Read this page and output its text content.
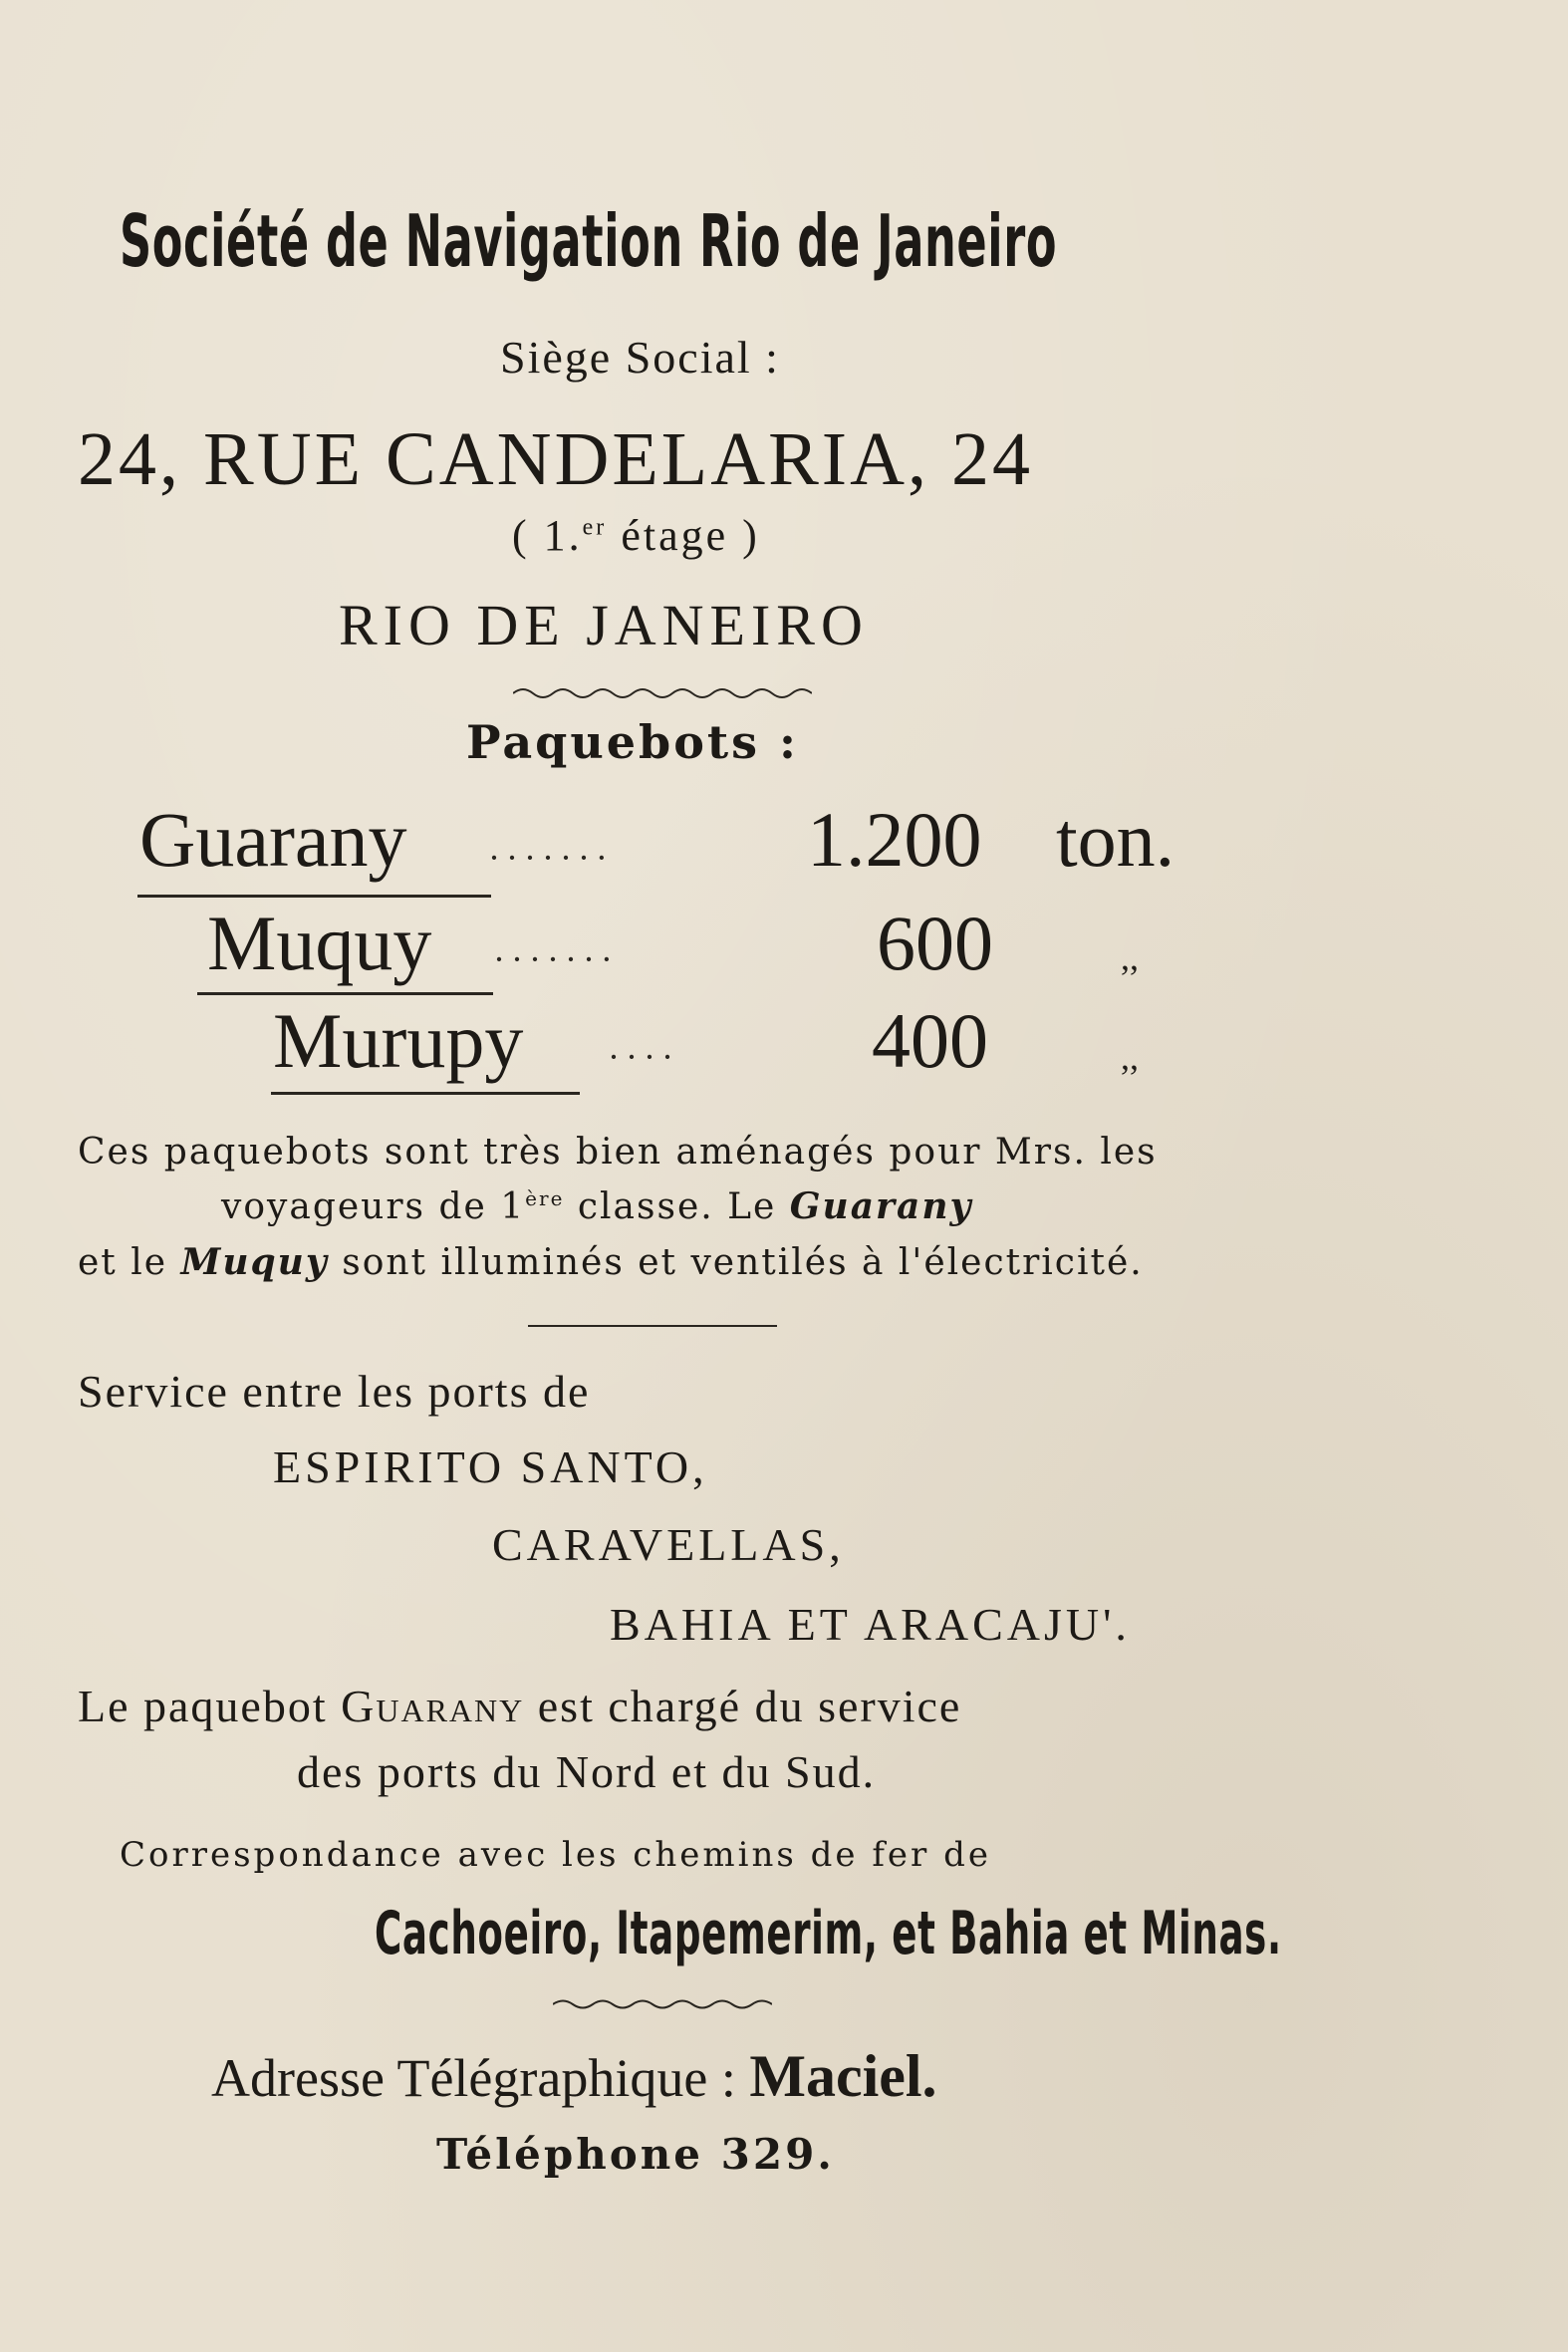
Société de Navigation Rio de Janeiro
Siège Social :
24, RUE CANDELARIA, 24
( 1.$^{er}$ étage )
RIO DE JANEIRO
Paquebots :
Guarany ······· 1.200 ton.
Muquy ·······	600	,,
Murupy ···· 400	,,
Ces paquebots sont très bien aménagés pour Mrs. les
voyageurs de 1ère classe. Le Guarany
et le Muquy sont illuminés et ventilés à l'électricité.
Service entre les ports de
ESPIRITO SANTO,
CARAVELLAS,
BAHIA ET ARACAJU'.
Le paquebot Guarany est chargé du service
des ports du Nord et du Sud.
Correspondance avec les chemins de fer de
Cachoeiro, Itapemerim, et Bahia et Minas.
Adresse Télégraphique : Maciel.
Téléphone 329.
